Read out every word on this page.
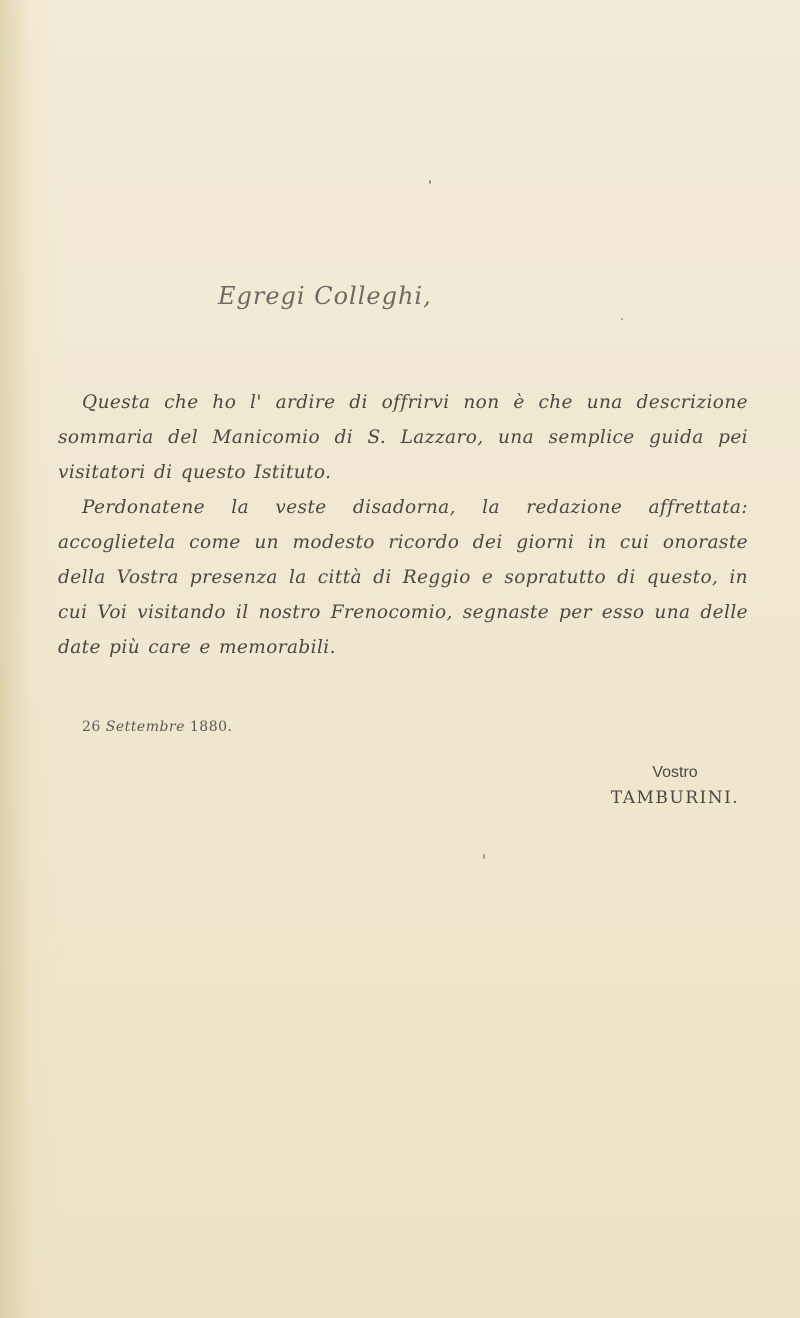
Egregi Colleghi,

Questa che ho l' ardire di offrirvi non è che una descrizione sommaria del Manicomio di S. Lazzaro, una semplice guida pei visitatori di questo Istituto.

Perdonatene la veste disadorna, la redazione affrettata: accoglietela come un modesto ricordo dei giorni in cui onoraste della Vostra presenza la città di Reggio e sopratutto di questo, in cui Voi visitando il nostro Frenocomio, segnaste per esso una delle date più care e memorabili.

26 Settembre 1880.
Vostro
TAMBURINI.
